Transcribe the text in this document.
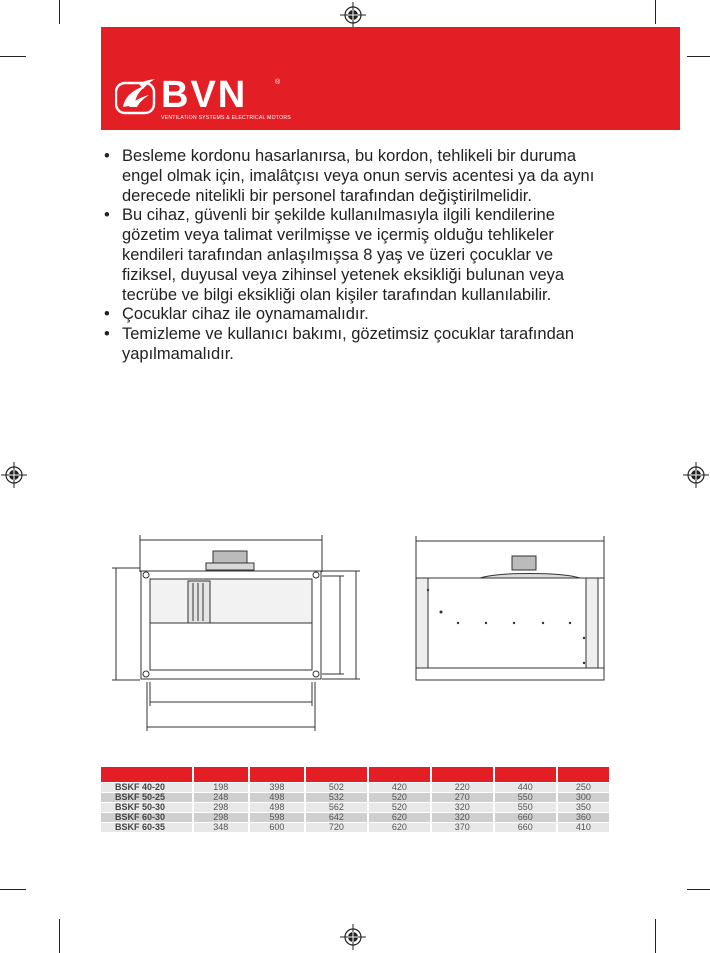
BVN	®
VENTILATION SYSTEMS & ELECTRICAL MOTORS
• Besleme kordonu hasarlanırsa, bu kordon, tehlikeli bir duruma engel olmak için, imalâtçısı veya onun servis acentesi ya da aynı derecede nitelikli bir personel tarafından değiştirilmelidir.
• Bu cihaz, güvenli bir şekilde kullanılmasıyla ilgili kendilerine gözetim veya talimat verilmişse ve içermiş olduğu tehlikeler kendileri tarafından anlaşılmışsa 8 yaş ve üzeri çocuklar ve fiziksel, duyusal veya zihinsel yetenek eksikliği bulunan veya tecrübe ve bilgi eksikliği olan kişiler tarafından kullanılabilir.
• Çocuklar cihaz ile oynamamalıdır.
• Temizleme ve kullanıcı bakımı, gözetimsiz çocuklar tarafından yapılmamalıdır.

BSKF 40-20	198	398	502	420	220	440	250
BSKF 50-25	248	498	532	520	270	550	300
BSKF 50-30	298	498	562	520	320	550	350
BSKF 60-30	298	598	642	620	320	660	360
BSKF 60-35	348	600	720	620	370	660	410
